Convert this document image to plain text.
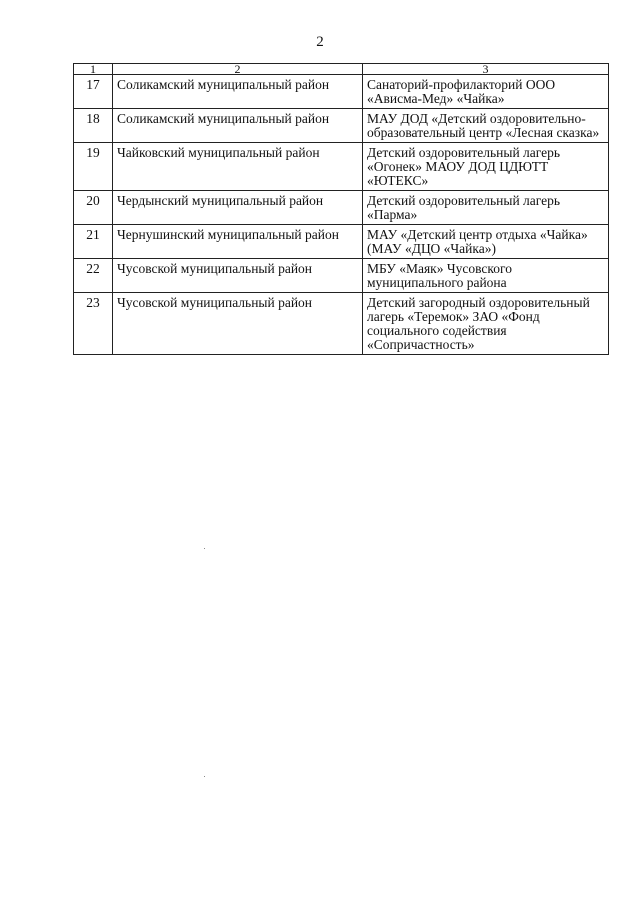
2
1	2	3
17	Соликамский муниципальный район	Санаторий-профилакторий ООО «Ависма-Мед» «Чайка»
18	Соликамский муниципальный район	МАУ ДОД «Детский оздоровительно-образовательный центр «Лесная сказка»
19	Чайковский муниципальный район	Детский оздоровительный лагерь «Огонек» МАОУ ДОД ЦДЮТТ «ЮТЕКС»
20	Чердынский муниципальный район	Детский оздоровительный лагерь «Парма»
21	Чернушинский муниципальный район	МАУ «Детский центр отдыха «Чайка» (МАУ «ДЦО «Чайка»)
22	Чусовской муниципальный район	МБУ «Маяк» Чусовского муниципального района
23	Чусовской муниципальный район	Детский загородный оздоровительный лагерь «Теремок» ЗАО «Фонд социального содействия «Сопричастность»
